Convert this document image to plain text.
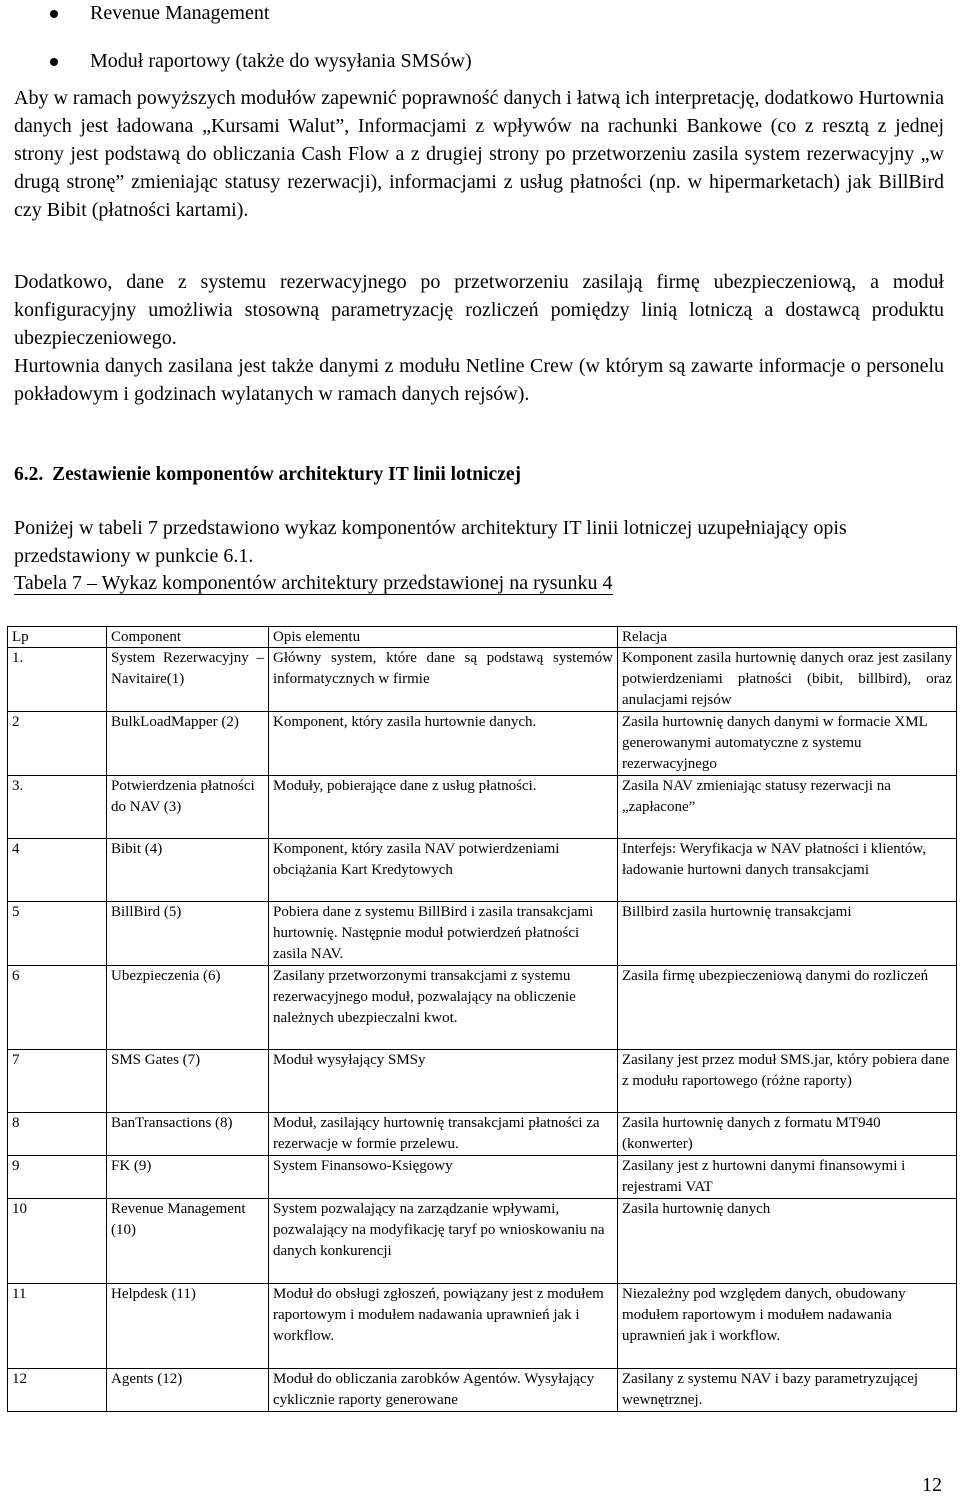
Revenue Management
Moduł raportowy (także do wysyłania SMSów)

Aby w ramach powyższych modułów zapewnić poprawność danych i łatwą ich interpretację, dodatkowo Hurtownia danych jest ładowana „Kursami Walut”, Informacjami z wpływów na rachunki Bankowe (co z resztą z jednej strony jest podstawą do obliczania Cash Flow a z drugiej strony po przetworzeniu zasila system rezerwacyjny „w drugą stronę” zmieniając statusy rezerwacji), informacjami z usług płatności (np. w hipermarketach) jak BillBird czy Bibit (płatności kartami).

Dodatkowo, dane z systemu rezerwacyjnego po przetworzeniu zasilają firmę ubezpieczeniową, a moduł konfiguracyjny umożliwia stosowną parametryzację rozliczeń pomiędzy linią lotniczą a dostawcą produktu ubezpieczeniowego.

Hurtownia danych zasilana jest także danymi z modułu Netline Crew (w którym są zawarte informacje o personelu pokładowym i godzinach wylatanych w ramach danych rejsów).

6.2. Zestawienie komponentów architektury IT linii lotniczej

Poniżej w tabeli 7 przedstawiono wykaz komponentów architektury IT linii lotniczej uzupełniający opis przedstawiony w punkcie 6.1.

Tabela 7 – Wykaz komponentów architektury przedstawionej na rysunku 4
Lp	Component	Opis elementu	Relacja
1.	System Rezerwacyjny – Navitaire(1)	Główny system, które dane są podstawą systemów informatycznych w firmie	Komponent zasila hurtownię danych oraz jest zasilany potwierdzeniami płatności (bibit, billbird), oraz anulacjami rejsów
2	BulkLoadMapper (2)	Komponent, który zasila hurtownie danych.	Zasila hurtownię danych danymi w formacie XML generowanymi automatyczne z systemu rezerwacyjnego
3.	Potwierdzenia płatności do NAV (3)	Moduły, pobierające dane z usług płatności.	Zasila NAV zmieniając statusy rezerwacji na „zapłacone”
4	Bibit (4)	Komponent, który zasila NAV potwierdzeniami obciążania Kart Kredytowych	Interfejs: Weryfikacja w NAV płatności i klientów, ładowanie hurtowni danych transakcjami
5	BillBird (5)	Pobiera dane z systemu BillBird i zasila transakcjami hurtownię. Następnie moduł potwierdzeń płatności zasila NAV.	Billbird zasila hurtownię transakcjami
6	Ubezpieczenia (6)	Zasilany przetworzonymi transakcjami z systemu rezerwacyjnego moduł, pozwalający na obliczenie należnych ubezpieczalni kwot.	Zasila firmę ubezpieczeniową danymi do rozliczeń
7	SMS Gates (7)	Moduł wysyłający SMSy	Zasilany jest przez moduł SMS.jar, który pobiera dane z modułu raportowego (różne raporty)
8	BanTransactions (8)	Moduł, zasilający hurtownię transakcjami płatności za rezerwacje w formie przelewu.	Zasila hurtownię danych z formatu MT940 (konwerter)
9	FK (9)	System Finansowo-Księgowy	Zasilany jest z hurtowni danymi finansowymi i rejestrami VAT
10	Revenue Management (10)	System pozwalający na zarządzanie wpływami, pozwalający na modyfikację taryf po wnioskowaniu na danych konkurencji	Zasila hurtownię danych
11	Helpdesk (11)	Moduł do obsługi zgłoszeń, powiązany jest z modułem raportowym i modułem nadawania uprawnień jak i workflow.	Niezależny pod względem danych, obudowany modułem raportowym i modułem nadawania uprawnień jak i workflow.
12	Agents (12)	Moduł do obliczania zarobków Agentów. Wysyłający cyklicznie raporty generowane	Zasilany z systemu NAV i bazy parametryzującej wewnętrznej.
12
